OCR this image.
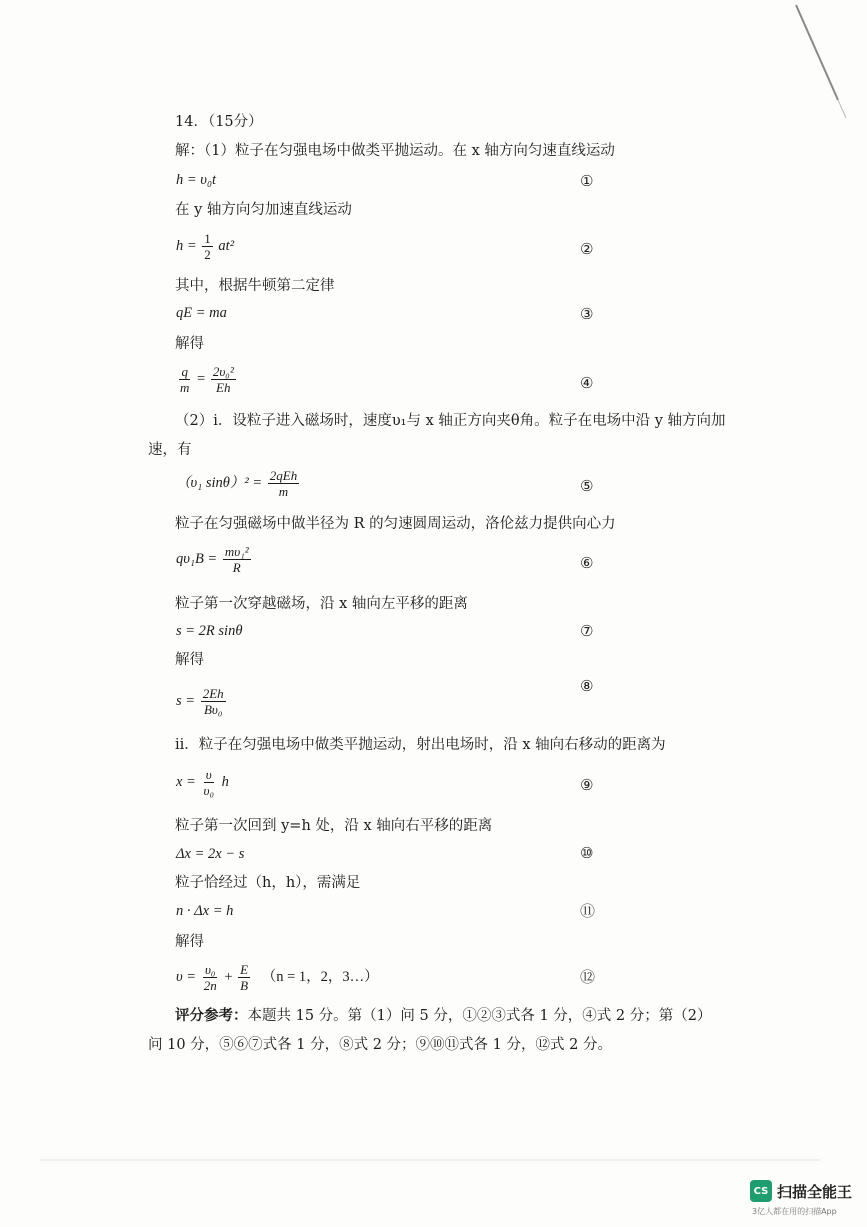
14．（15分）
解：（1）粒子在匀强电场中做类平抛运动。在 x 轴方向匀速直线运动
h = υ₀t	①
在 y 轴方向匀加速直线运动
$h = \frac{1}{2} at^2$	②
其中，根据牛顿第二定律
qE = ma	③
解得
$\frac{q}{m} = \frac{\text{2υ₀²}}{Eh}$	④
（2）ⅰ．设粒子进入磁场时，速度υ₁与 x 轴正方向夹θ角。粒子在电场中沿 y 轴方向加
速，有
（υ₁ $\sin\theta)^2 = \frac{\text{2qEh}}{m}$	⑤
粒子在匀强磁场中做半径为 R 的匀速圆周运动，洛伦兹力提供向心力
$q\upsilon_1B = \frac{\text{mυ₁²}}{R}$	⑥
粒子第一次穿越磁场，沿 x 轴向左平移的距离
s = 2R sinθ	⑦
解得
$s = \frac{2Eh}{\text{Bυ₀}}$	⑧
ⅱ．粒子在匀强电场中做类平抛运动，射出电场时，沿 x 轴向右移动的距离为
$x = \frac{\upsilon}{\text{υ₀}}$ h	⑨
粒子第一次回到 y=h 处，沿 x 轴向右平移的距离
Δx = 2x − s	⑩
粒子恰经过（h，h），需满足
n · Δx = h	⑪
解得
$\upsilon = \frac{\text{υ₀}}{2n} + \frac{E}{B} (n = 1$，2，3…）	⑫
评分参考：本题共 15 分。第（1）问 5 分，①②③式各 1 分，④式 2 分；第（2）
问 10 分，⑤⑥⑦式各 1 分，⑧式 2 分；⑨⑩⑪式各 1 分，⑫式 2 分。
CS 扫描全能王
3亿人都在用的扫描App
